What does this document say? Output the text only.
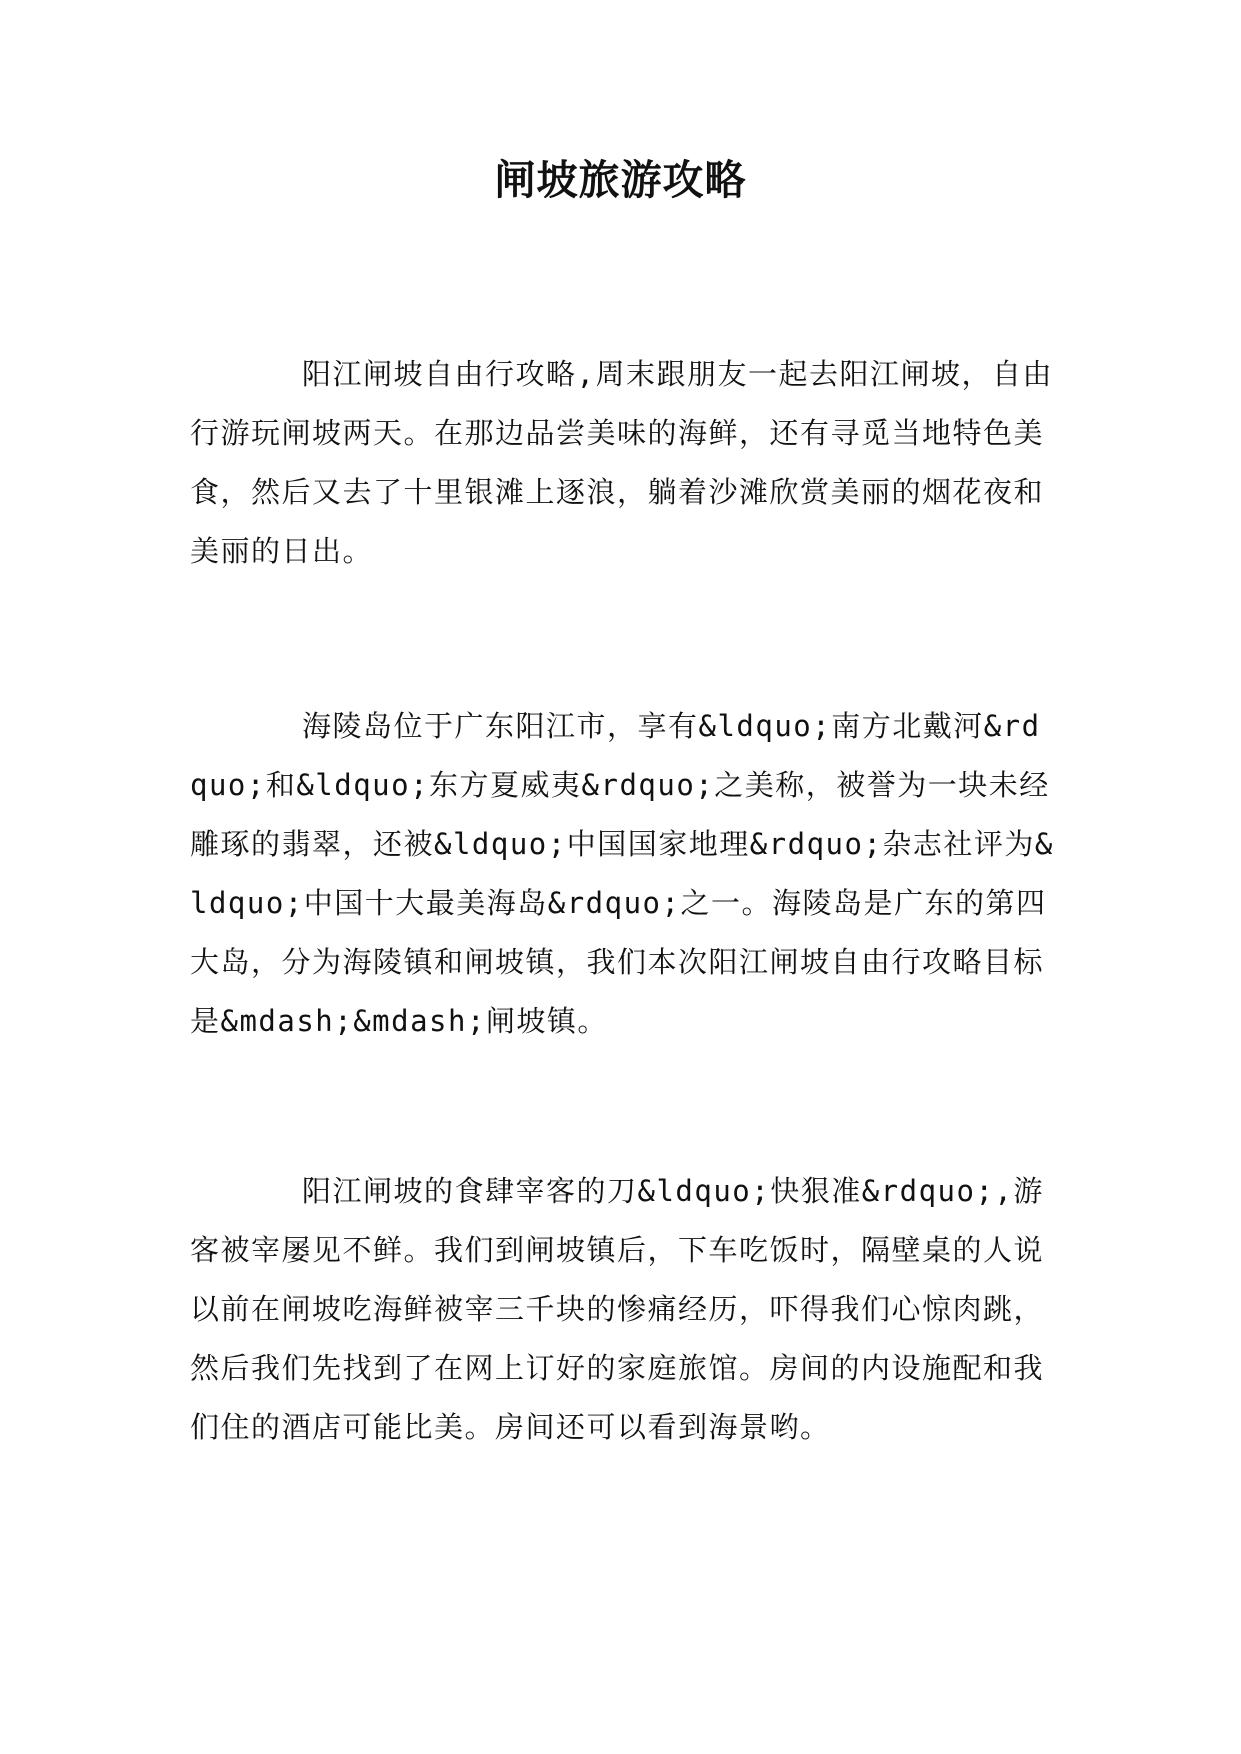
闸坡旅游攻略

阳江闸坡自由行攻略,周末跟朋友一起去阳江闸坡，自由行游玩闸坡两天。在那边品尝美味的海鲜，还有寻觅当地特色美食，然后又去了十里银滩上逐浪，躺着沙滩欣赏美丽的烟花夜和美丽的日出。

海陵岛位于广东阳江市，享有&ldquo;南方北戴河&rdquo;和&ldquo;东方夏威夷&rdquo;之美称，被誉为一块未经雕琢的翡翠，还被&ldquo;中国国家地理&rdquo;杂志社评为&ldquo;中国十大最美海岛&rdquo;之一。海陵岛是广东的第四大岛，分为海陵镇和闸坡镇，我们本次阳江闸坡自由行攻略目标是&mdash;&mdash;闸坡镇。

阳江闸坡的食肆宰客的刀&ldquo;快狠准&rdquo;,游客被宰屡见不鲜。我们到闸坡镇后，下车吃饭时，隔壁桌的人说以前在闸坡吃海鲜被宰三千块的惨痛经历，吓得我们心惊肉跳，然后我们先找到了在网上订好的家庭旅馆。房间的内设施配和我们住的酒店可能比美。房间还可以看到海景哟。
